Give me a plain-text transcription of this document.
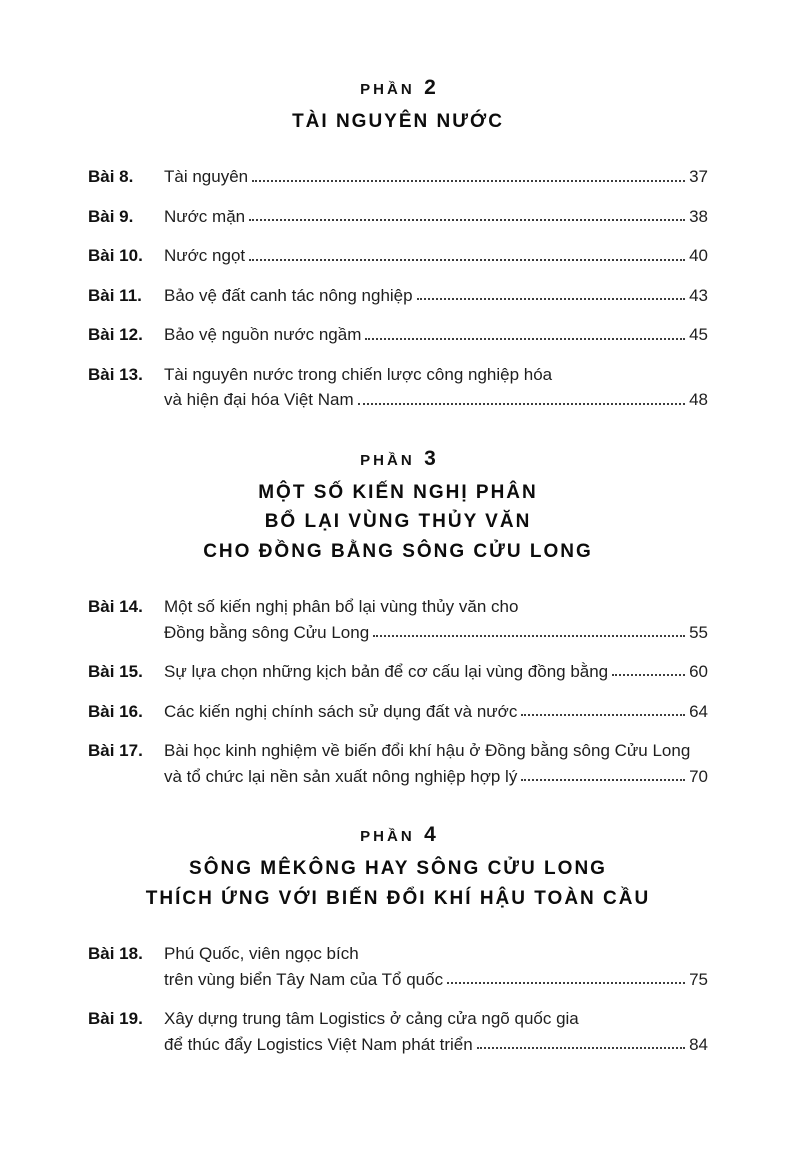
PHẦN 2
TÀI NGUYÊN NƯỚC
Bài 8.	Tài nguyên	37
Bài 9.	Nước mặn	38
Bài 10.	Nước ngọt	40
Bài 11.	Bảo vệ đất canh tác nông nghiệp	43
Bài 12.	Bảo vệ nguồn nước ngầm	45
Bài 13.	Tài nguyên nước trong chiến lược công nghiệp hóa
và hiện đại hóa Việt Nam	48
PHẦN 3
MỘT SỐ KIẾN NGHỊ PHÂN
BỔ LẠI VÙNG THỦY VĂN
CHO ĐỒNG BẰNG SÔNG CỬU LONG
Bài 14.	Một số kiến nghị phân bổ lại vùng thủy văn cho
Đồng bằng sông Cửu Long	55
Bài 15.	Sự lựa chọn những kịch bản để cơ cấu lại vùng đồng bằng	60
Bài 16.	Các kiến nghị chính sách sử dụng đất và nước	64
Bài 17.	Bài học kinh nghiệm về biến đổi khí hậu ở Đồng bằng sông Cửu Long
và tổ chức lại nền sản xuất nông nghiệp hợp lý	70
PHẦN 4
SÔNG MÊKÔNG HAY SÔNG CỬU LONG
THÍCH ỨNG VỚI BIẾN ĐỔI KHÍ HẬU TOÀN CẦU
Bài 18.	Phú Quốc, viên ngọc bích
trên vùng biển Tây Nam của Tổ quốc	75
Bài 19.	Xây dựng trung tâm Logistics ở cảng cửa ngõ quốc gia
để thúc đẩy Logistics Việt Nam phát triển	84
